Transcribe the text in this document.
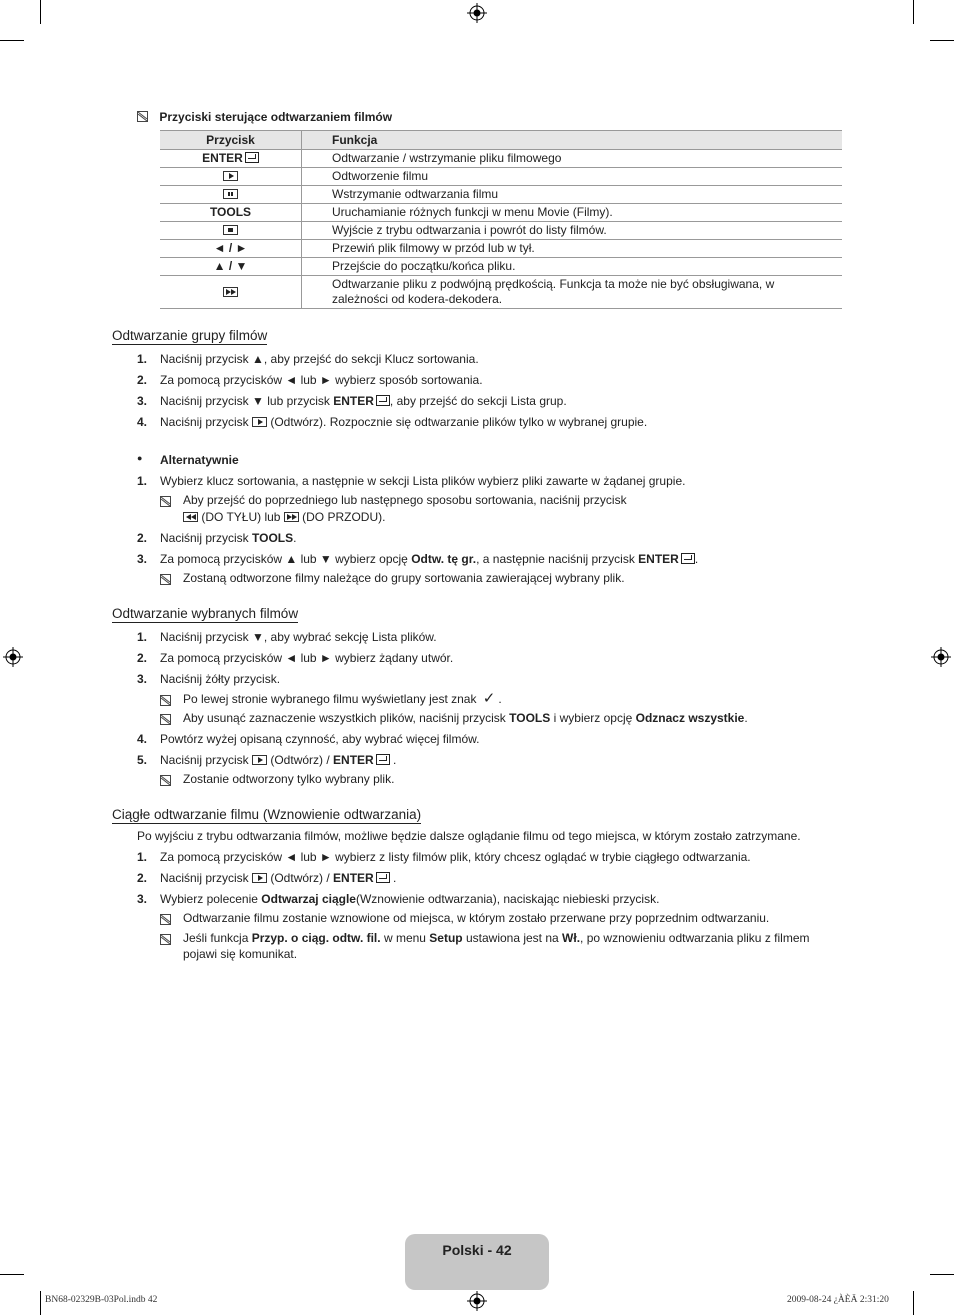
Przyciski sterujące odtwarzaniem filmów
Przycisk	Funkcja
ENTER	Odtwarzanie / wstrzymanie pliku filmowego
	Odtworzenie filmu
	Wstrzymanie odtwarzania filmu
TOOLS	Uruchamianie różnych funkcji w menu Movie (Filmy).
	Wyjście z trybu odtwarzania i powrót do listy filmów.
◄ / ►	Przewiń plik filmowy w przód lub w tył.
▲ / ▼	Przejście do początku/końca pliku.
	Odtwarzanie pliku z podwójną prędkością. Funkcja ta może nie być obsługiwana, w zależności od kodera-dekodera.
Odtwarzanie grupy filmów
1. Naciśnij przycisk ▲, aby przejść do sekcji Klucz sortowania.
2. Za pomocą przycisków ◄ lub ► wybierz sposób sortowania.
3. Naciśnij przycisk ▼ lub przycisk ENTER , aby przejść do sekcji Lista grup.
4. Naciśnij przycisk  (Odtwórz). Rozpocznie się odtwarzanie plików tylko w wybranej grupie.
● Alternatywnie
1. Wybierz klucz sortowania, a następnie w sekcji Lista plików wybierz pliki zawarte w żądanej grupie.
Aby przejść do poprzedniego lub następnego sposobu sortowania, naciśnij przycisk
(DO TYŁU) lub  (DO PRZODU).
2. Naciśnij przycisk TOOLS.
3. Za pomocą przycisków ▲ lub ▼ wybierz opcję Odtw. tę gr., a następnie naciśnij przycisk ENTER .
Zostaną odtworzone filmy należące do grupy sortowania zawierającej wybrany plik.
Odtwarzanie wybranych filmów
1. Naciśnij przycisk ▼, aby wybrać sekcję Lista plików.
2. Za pomocą przycisków ◄ lub ► wybierz żądany utwór.
3. Naciśnij żółty przycisk.
Po lewej stronie wybranego filmu wyświetlany jest znak ✓ .
Aby usunąć zaznaczenie wszystkich plików, naciśnij przycisk TOOLS i wybierz opcję Odznacz wszystkie.
4. Powtórz wyżej opisaną czynność, aby wybrać więcej filmów.
5. Naciśnij przycisk  (Odtwórz) / ENTER .
Zostanie odtworzony tylko wybrany plik.
Ciągłe odtwarzanie filmu (Wznowienie odtwarzania)
Po wyjściu z trybu odtwarzania filmów, możliwe będzie dalsze oglądanie filmu od tego miejsca, w którym zostało zatrzymane.
1. Za pomocą przycisków ◄ lub ► wybierz z listy filmów plik, który chcesz oglądać w trybie ciągłego odtwarzania.
2. Naciśnij przycisk  (Odtwórz) / ENTER .
3. Wybierz polecenie Odtwarzaj ciągle(Wznowienie odtwarzania), naciskając niebieski przycisk.
Odtwarzanie filmu zostanie wznowione od miejsca, w którym zostało przerwane przy poprzednim odtwarzaniu.
Jeśli funkcja Przyp. o ciąg. odtw. fil. w menu Setup ustawiona jest na Wł., po wznowieniu odtwarzania pliku z filmem
pojawi się komunikat.
Polski - 42
BN68-02329B-03Pol.indb 42	2009-08-24 ¿ÀÈÄ 2:31:20
